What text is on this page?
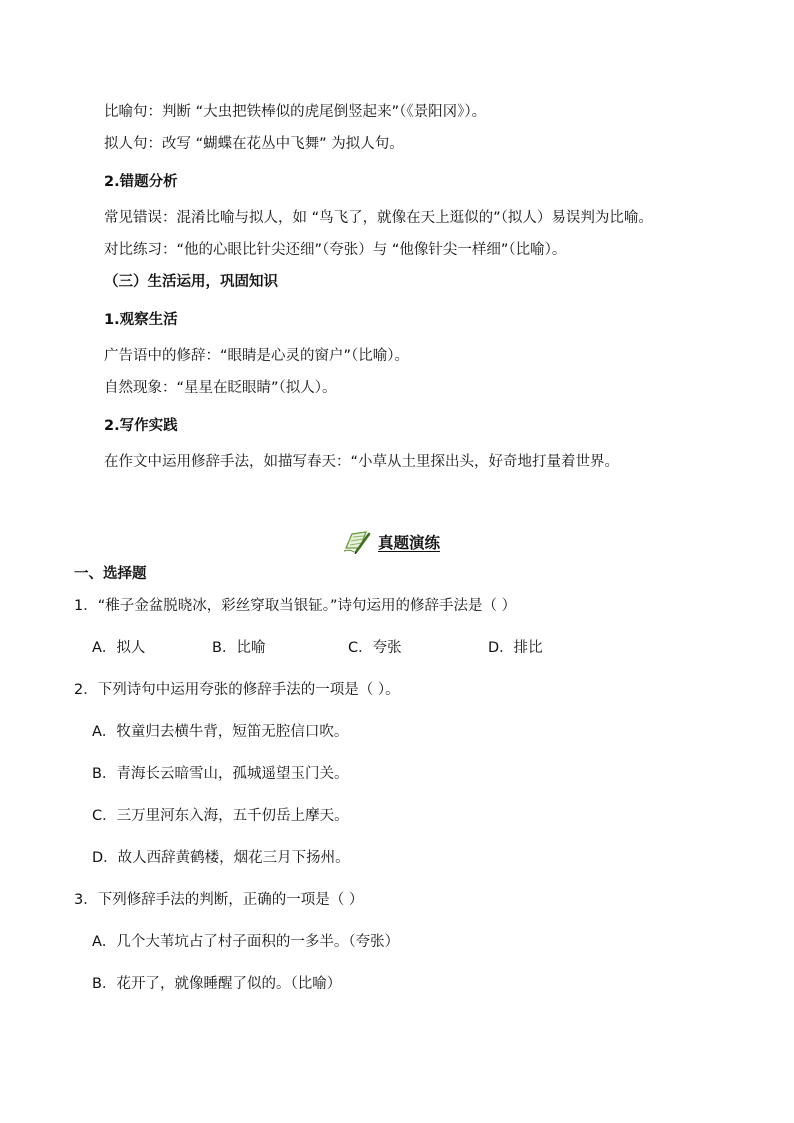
比喻句：判断 “大虫把铁棒似的虎尾倒竖起来”（《景阳冈》）。
拟人句：改写 “蝴蝶在花丛中飞舞” 为拟人句。
2.错题分析
常见错误：混淆比喻与拟人，如 “鸟飞了，就像在天上逛似的”（拟人）易误判为比喻。
对比练习：“他的心眼比针尖还细”（夸张）与 “他像针尖一样细”（比喻）。
（三）生活运用，巩固知识
1.观察生活
广告语中的修辞：“眼睛是心灵的窗户”（比喻）。
自然现象：“星星在眨眼睛”（拟人）。
2.写作实践
在作文中运用修辞手法，如描写春天：“小草从土里探出头，好奇地打量着世界。
真题演练
一、选择题
1．“稚子金盆脱晓冰，彩丝穿取当银钲。”诗句运用的修辞手法是（ ）
A．拟人	B．比喻	C．夸张	D．排比
2．下列诗句中运用夸张的修辞手法的一项是（ ）。
A．牧童归去横牛背，短笛无腔信口吹。
B．青海长云暗雪山，孤城遥望玉门关。
C．三万里河东入海，五千仞岳上摩天。
D．故人西辞黄鹤楼，烟花三月下扬州。
3．下列修辞手法的判断，正确的一项是（ ）
A．几个大苇坑占了村子面积的一多半。（夸张）
B．花开了，就像睡醒了似的。（比喻）
